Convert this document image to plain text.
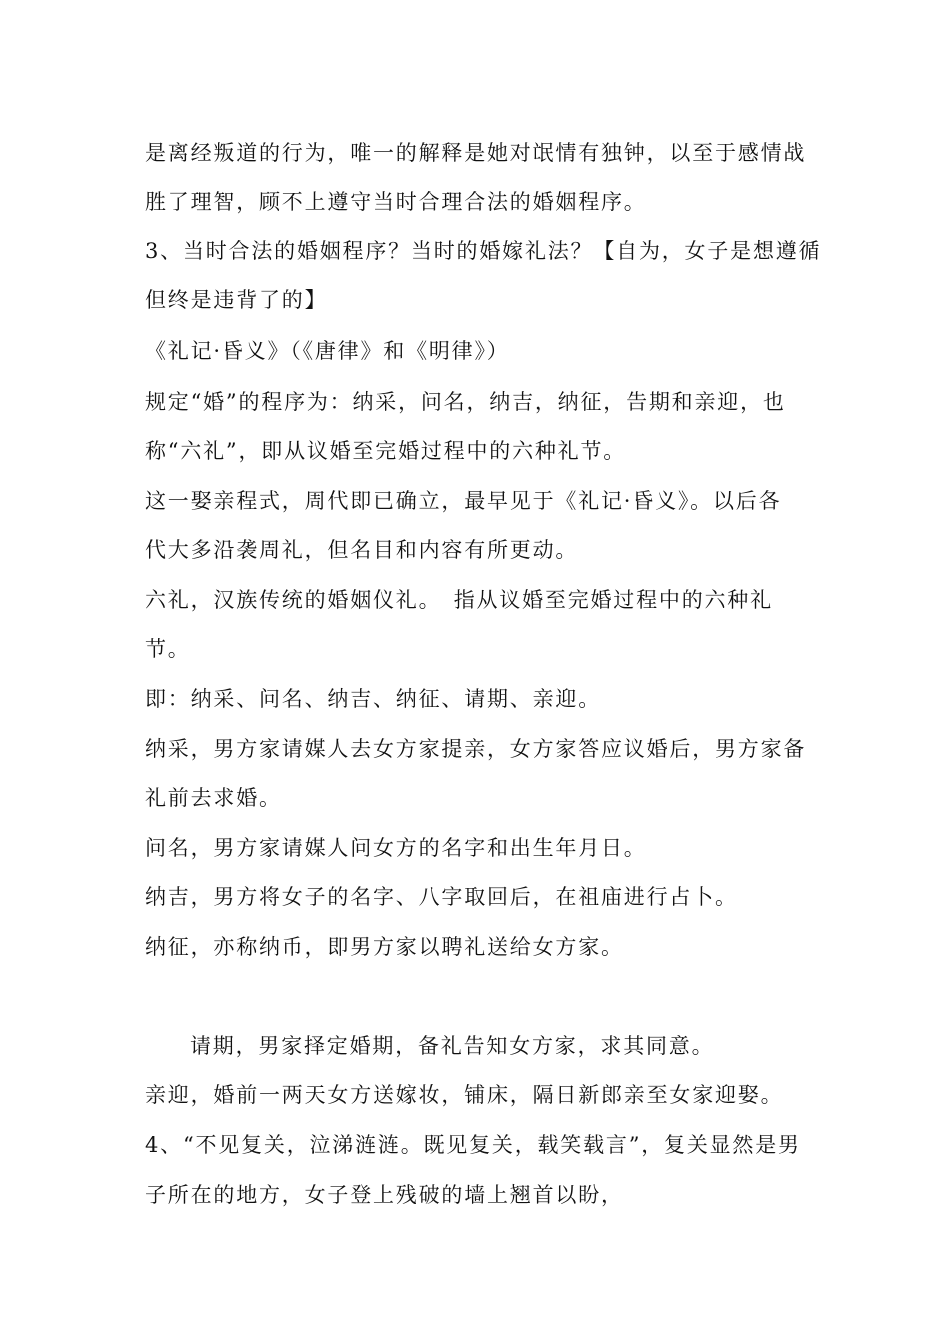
是离经叛道的行为，唯一的解释是她对氓情有独钟，以至于感情战
胜了理智，顾不上遵守当时合理合法的婚姻程序。
3、当时合法的婚姻程序？当时的婚嫁礼法？【自为，女子是想遵循
但终是违背了的】
《礼记·昏义》（《唐律》和《明律》）
规定“婚”的程序为：纳采，问名，纳吉，纳征，告期和亲迎，也
称“六礼”，即从议婚至完婚过程中的六种礼节。
这一娶亲程式，周代即已确立，最早见于《礼记·昏义》。以后各
代大多沿袭周礼，但名目和内容有所更动。
六礼，汉族传统的婚姻仪礼。　指从议婚至完婚过程中的六种礼
节。
即：纳采、问名、纳吉、纳征、请期、亲迎。
纳采，男方家请媒人去女方家提亲，女方家答应议婚后，男方家备
礼前去求婚。
问名，男方家请媒人问女方的名字和出生年月日。
纳吉，男方将女子的名字、八字取回后，在祖庙进行占卜。
纳征，亦称纳币，即男方家以聘礼送给女方家。
请期，男家择定婚期，备礼告知女方家，求其同意。
亲迎，婚前一两天女方送嫁妆，铺床，隔日新郎亲至女家迎娶。
4、“不见复关，泣涕涟涟。既见复关，载笑载言”，复关显然是男
子所在的地方，女子登上残破的墙上翘首以盼，
